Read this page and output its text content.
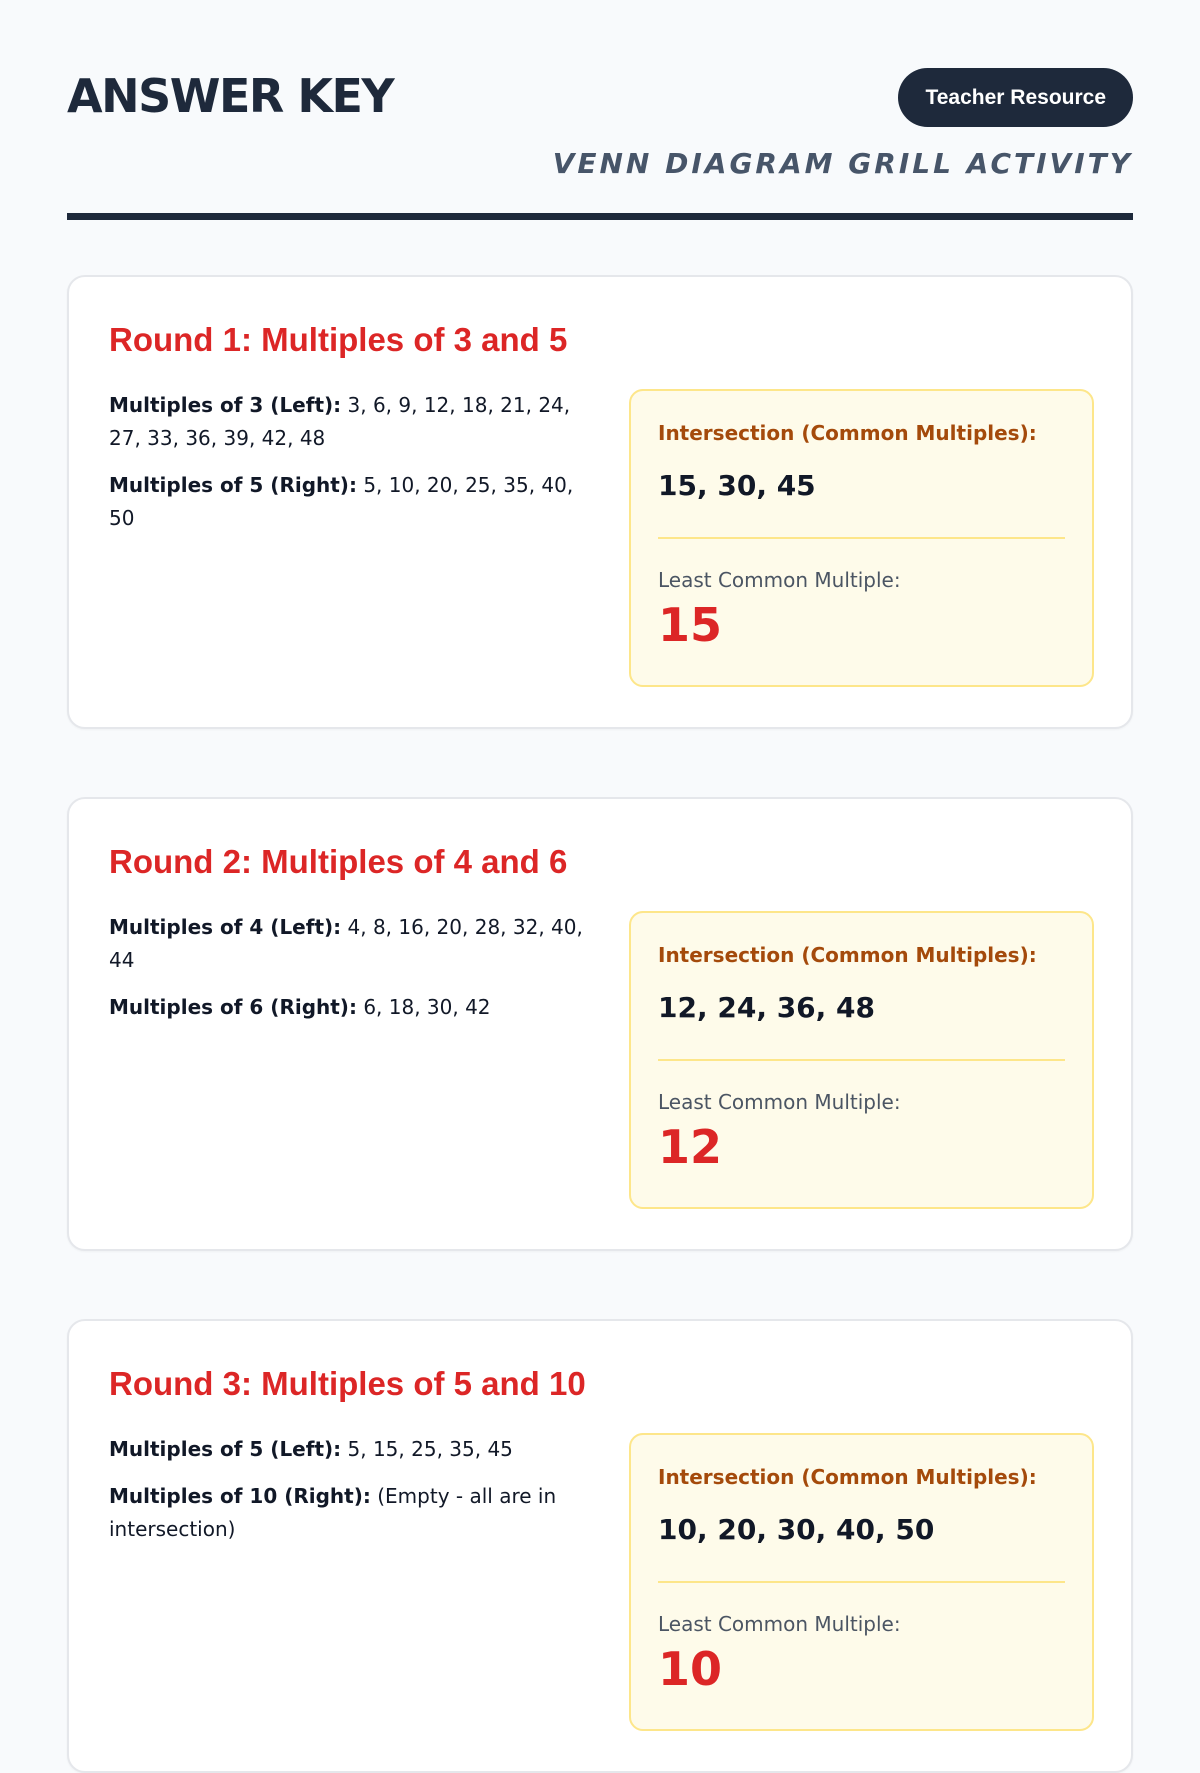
ANSWER KEY	Teacher Resource
VENN DIAGRAM GRILL ACTIVITY
Round 1: Multiples of 3 and 5

Multiples of 3 (Left): 3, 6, 9, 12, 18, 21, 24, 27, 33, 36, 39, 42, 48

Multiples of 5 (Right): 5, 10, 20, 25, 35, 40, 50

Intersection (Common Multiples):
15, 30, 45
Least Common Multiple:
15
Round 2: Multiples of 4 and 6

Multiples of 4 (Left): 4, 8, 16, 20, 28, 32, 40, 44

Multiples of 6 (Right): 6, 18, 30, 42

Intersection (Common Multiples):
12, 24, 36, 48
Least Common Multiple:
12
Round 3: Multiples of 5 and 10

Multiples of 5 (Left): 5, 15, 25, 35, 45

Multiples of 10 (Right): (Empty - all are in intersection)

Intersection (Common Multiples):
10, 20, 30, 40, 50
Least Common Multiple:
10
